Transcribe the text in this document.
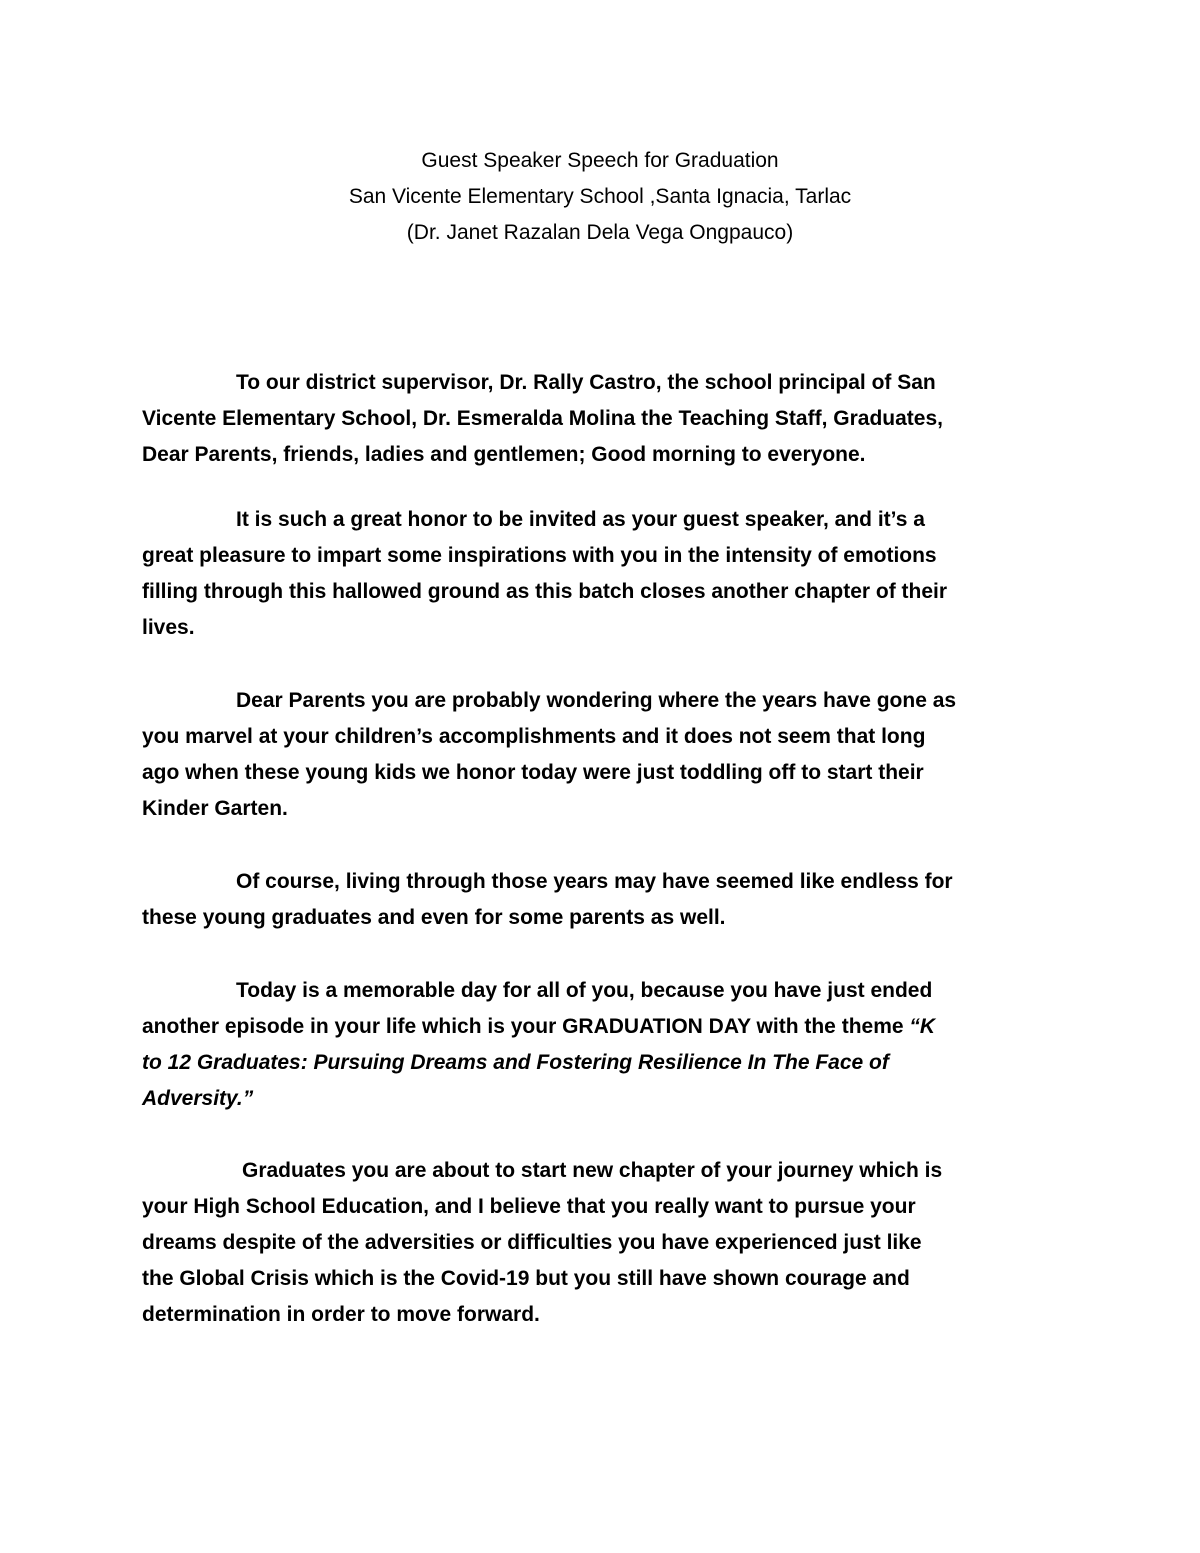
Guest Speaker Speech for Graduation
San Vicente Elementary School ,Santa Ignacia, Tarlac
(Dr. Janet Razalan Dela Vega Ongpauco)
To our district supervisor, Dr. Rally Castro, the school principal of San
Vicente Elementary School, Dr. Esmeralda Molina the Teaching Staff, Graduates,
Dear Parents, friends, ladies and gentlemen; Good morning to everyone.
It is such a great honor to be invited as your guest speaker, and it’s a
great pleasure to impart some inspirations with you in the intensity of emotions
filling through this hallowed ground as this batch closes another chapter of their
lives.
Dear Parents you are probably wondering where the years have gone as
you marvel at your children’s accomplishments and it does not seem that long
ago when these young kids we honor today were just toddling off to start their
Kinder Garten.
Of course, living through those years may have seemed like endless for
these young graduates and even for some parents as well.
Today is a memorable day for all of you, because you have just ended
another episode in your life which is your GRADUATION DAY with the theme “K
to 12 Graduates: Pursuing Dreams and Fostering Resilience In The Face of
Adversity.”
Graduates you are about to start new chapter of your journey which is
your High School Education, and I believe that you really want to pursue your
dreams despite of the adversities or difficulties you have experienced just like
the Global Crisis which is the Covid-19 but you still have shown courage and
determination in order to move forward.
